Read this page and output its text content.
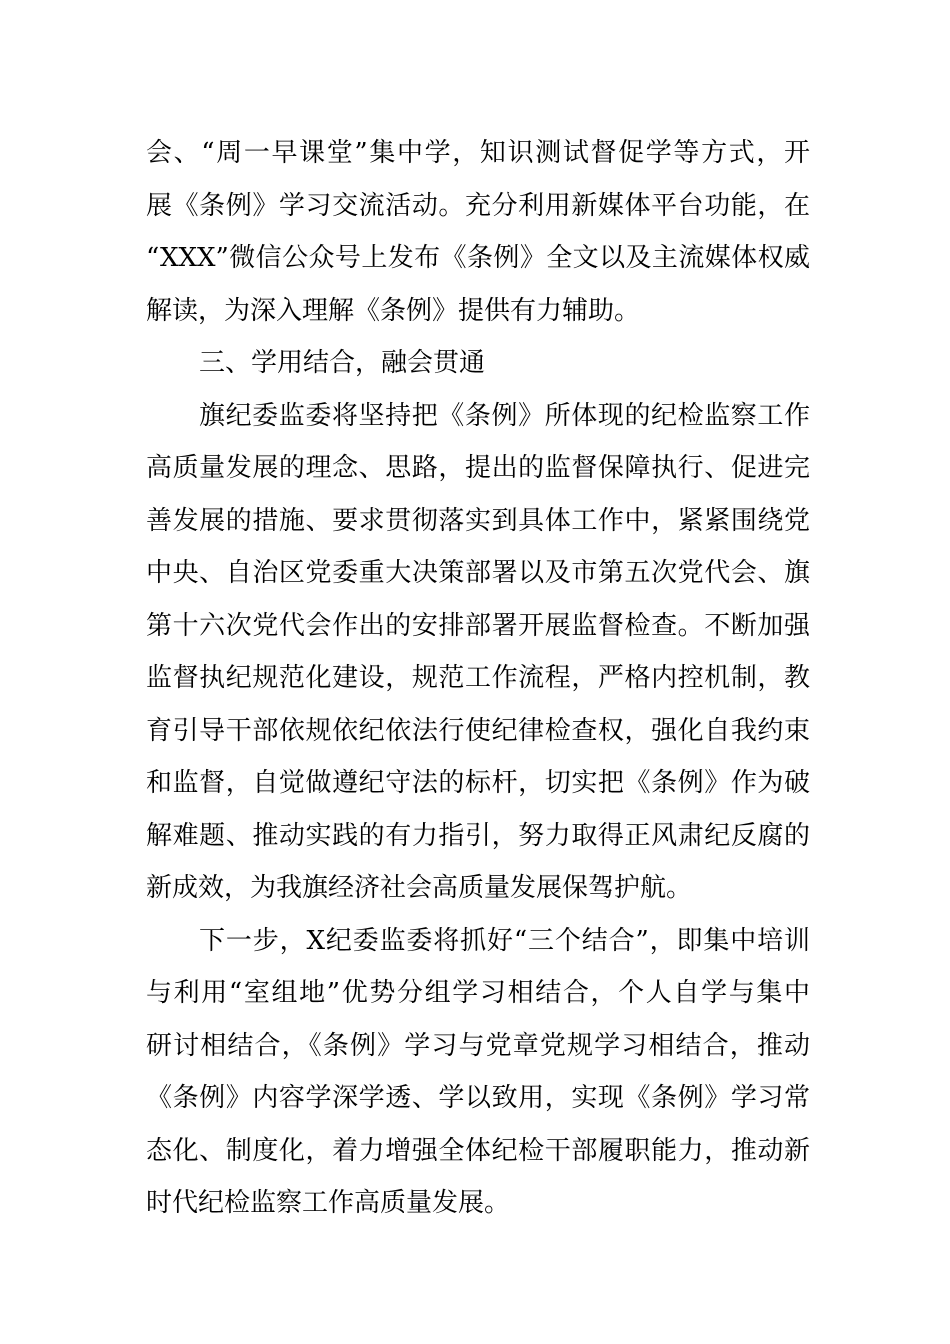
会、“周一早课堂”集中学，知识测试督促学等方式，开
展《条例》学习交流活动。充分利用新媒体平台功能，在
“XXX”微信公众号上发布《条例》全文以及主流媒体权威
解读，为深入理解《条例》提供有力辅助。
三、学用结合，融会贯通
旗纪委监委将坚持把《条例》所体现的纪检监察工作
高质量发展的理念、思路，提出的监督保障执行、促进完
善发展的措施、要求贯彻落实到具体工作中，紧紧围绕党
中央、自治区党委重大决策部署以及市第五次党代会、旗
第十六次党代会作出的安排部署开展监督检查。不断加强
监督执纪规范化建设，规范工作流程，严格内控机制，教
育引导干部依规依纪依法行使纪律检查权，强化自我约束
和监督，自觉做遵纪守法的标杆，切实把《条例》作为破
解难题、推动实践的有力指引，努力取得正风肃纪反腐的
新成效，为我旗经济社会高质量发展保驾护航。
下一步，X纪委监委将抓好“三个结合”，即集中培训
与利用“室组地”优势分组学习相结合，个人自学与集中
研讨相结合，《条例》学习与党章党规学习相结合，推动
《条例》内容学深学透、学以致用，实现《条例》学习常
态化、制度化，着力增强全体纪检干部履职能力，推动新
时代纪检监察工作高质量发展。
